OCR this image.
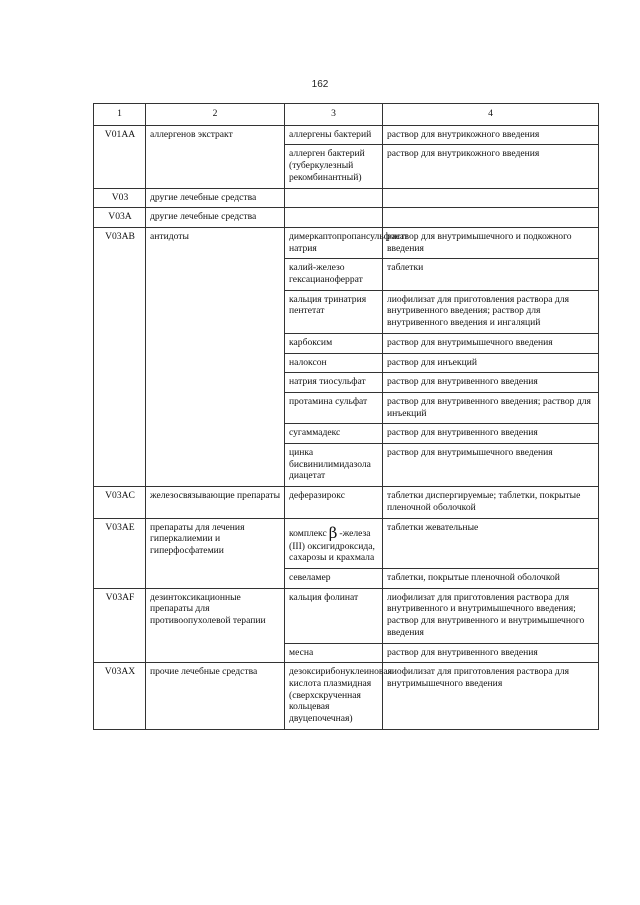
162
1	2	3	4
V01AA	аллергенов экстракт	аллергены бактерий	раствор для внутрикожного введения
		аллерген бактерий (туберкулезный рекомбинантный)	раствор для внутрикожного введения
V03	другие лечебные средства		
V03A	другие лечебные средства		
V03AB	антидоты	димеркаптопропансульфонат натрия	раствор для внутримышечного и подкожного введения
		калий-железо гексацианоферрат	таблетки
		кальция тринатрия пентетат	лиофилизат для приготовления раствора для внутривенного введения; раствор для внутривенного введения и ингаляций
		карбоксим	раствор для внутримышечного введения
		налоксон	раствор для инъекций
		натрия тиосульфат	раствор для внутривенного введения
		протамина сульфат	раствор для внутривенного введения; раствор для инъекций
		сугаммадекс	раствор для внутривенного введения
		цинка бисвинилимидазола диацетат	раствор для внутримышечного введения
V03AC	железосвязывающие препараты	деферазирокс	таблетки диспергируемые; таблетки, покрытые пленочной оболочкой
V03AE	препараты для лечения гиперкалиемии и гиперфосфатемии	комплекс β -железа (III) оксигидроксида, сахарозы и крахмала	таблетки жевательные
		севеламер	таблетки, покрытые пленочной оболочкой
V03AF	дезинтоксикационные препараты для противоопухолевой терапии	кальция фолинат	лиофилизат для приготовления раствора для внутривенного и внутримышечного введения; раствор для внутривенного и внутримышечного введения
		месна	раствор для внутривенного введения
V03AX	прочие лечебные средства	дезоксирибонуклеиновая кислота плазмидная (сверхскрученная кольцевая двуцепочечная)	лиофилизат для приготовления раствора для внутримышечного введения
